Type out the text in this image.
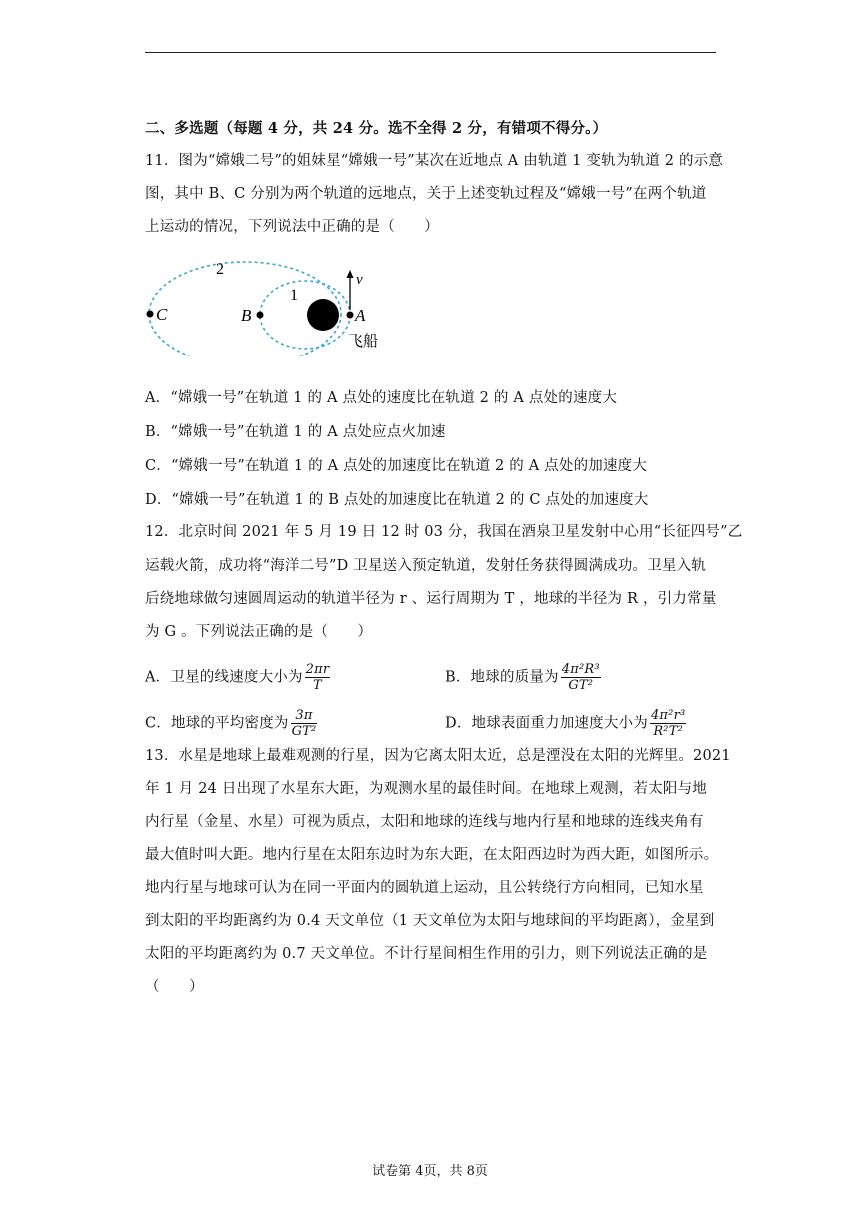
二、多选题（每题 4 分，共 24 分。选不全得 2 分，有错项不得分。）
11．图为“嫦娥二号”的姐妹星“嫦娥一号”某次在近地点 A 由轨道 1 变轨为轨道 2 的示意
图，其中 B、C 分别为两个轨道的远地点，关于上述变轨过程及“嫦娥一号”在两个轨道
上运动的情况，下列说法中正确的是（　　）
2
1
C	B	A
v
飞船
A．“嫦娥一号”在轨道 1 的 A 点处的速度比在轨道 2 的 A 点处的速度大
B．“嫦娥一号”在轨道 1 的 A 点处应点火加速
C．“嫦娥一号”在轨道 1 的 A 点处的加速度比在轨道 2 的 A 点处的加速度大
D．“嫦娥一号”在轨道 1 的 B 点处的加速度比在轨道 2 的 C 点处的加速度大
12．北京时间 2021 年 5 月 19 日 12 时 03 分，我国在酒泉卫星发射中心用“长征四号”乙
运载火箭，成功将“海洋二号”D 卫星送入预定轨道，发射任务获得圆满成功。卫星入轨
后绕地球做匀速圆周运动的轨道半径为 r 、运行周期为 T ，地球的半径为 R ，引力常量
为 G 。下列说法正确的是（　　）
A．卫星的线速度大小为 $\frac{2\pi r}{T}$	B．地球的质量为 $\frac{\text{4π²R³}}{\text{GT²}}$
C．地球的平均密度为 $\frac{3\pi}{\text{GT²}}$	D．地球表面重力加速度大小为 $\frac{\text{4π²r³}}{\text{R²T²}}$
13．水星是地球上最难观测的行星，因为它离太阳太近，总是湮没在太阳的光辉里。2021
年 1 月 24 日出现了水星东大距，为观测水星的最佳时间。在地球上观测，若太阳与地
内行星（金星、水星）可视为质点，太阳和地球的连线与地内行星和地球的连线夹角有
最大值时叫大距。地内行星在太阳东边时为东大距，在太阳西边时为西大距，如图所示。
地内行星与地球可认为在同一平面内的圆轨道上运动，且公转绕行方向相同，已知水星
到太阳的平均距离约为 0.4 天文单位（1 天文单位为太阳与地球间的平均距离），金星到
太阳的平均距离约为 0.7 天文单位。不计行星间相生作用的引力，则下列说法正确的是
（　　）
试卷第 4页，共 8页
